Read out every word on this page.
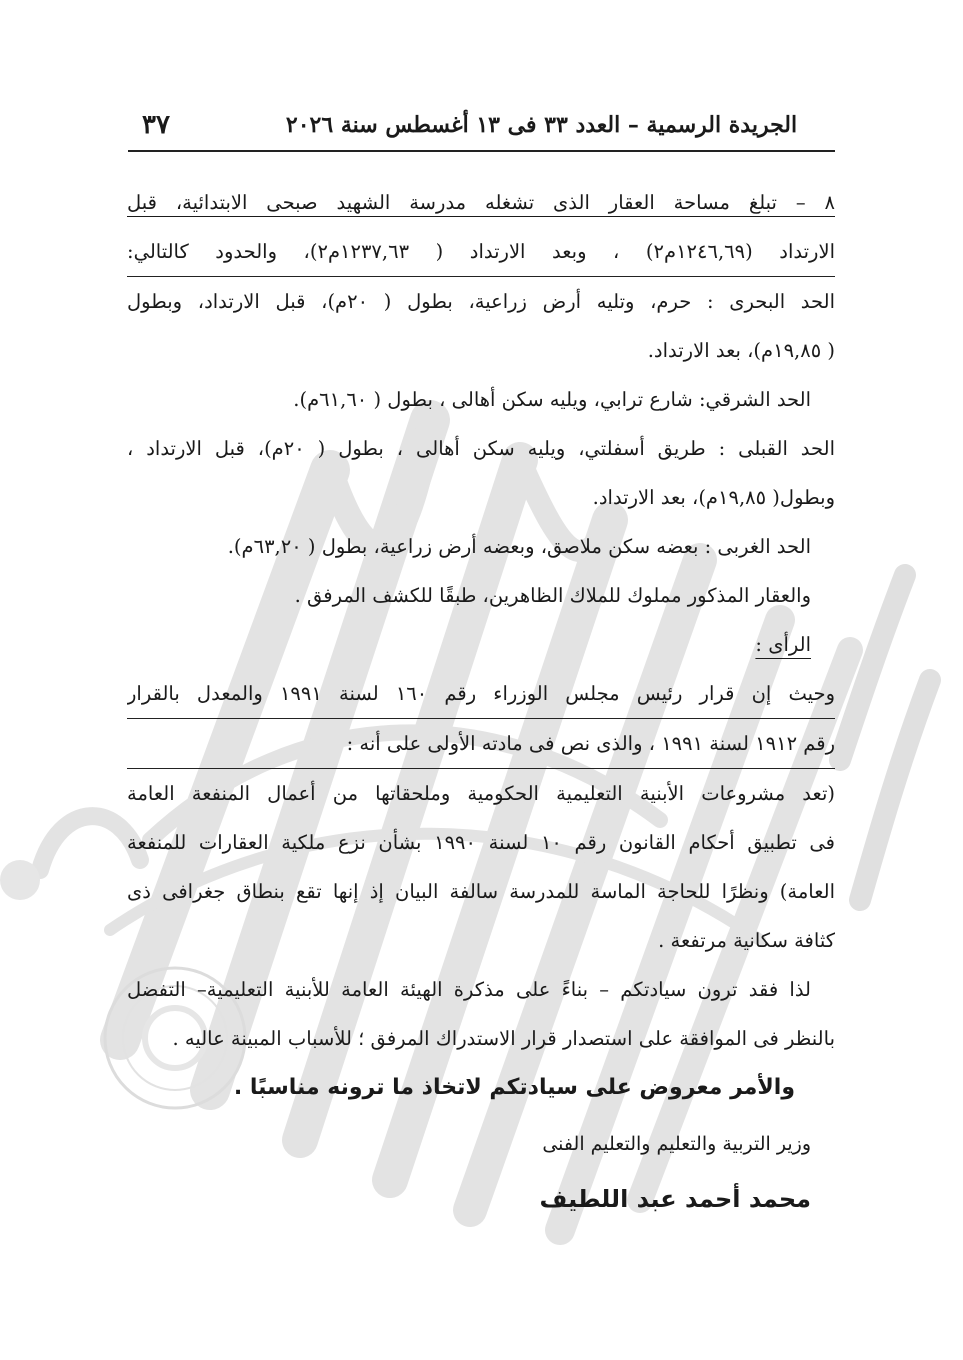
الجريدة الرسمية – العدد ٣٣ فى ١٣ أغسطس سنة ٢٠٢٦
٣٧
٨ – تبلغ مساحة العقار الذى تشغله مدرسة الشهيد صبحى الابتدائية، قبل
الارتداد (١٢٤٦,٦٩م٢) ، وبعد الارتداد ( ١٢٣٧,٦٣م٢)، والحدود كالتالي:
الحد البحرى : حرم، وتليه أرض زراعية، بطول ( ٢٠م)، قبل الارتداد، وبطول
( ١٩,٨٥م)، بعد الارتداد.
الحد الشرقي: شارع ترابي، ويليه سكن أهالى ، بطول ( ٦١,٦٠م).
الحد القبلى : طريق أسفلتي، ويليه سكن أهالى ، بطول ( ٢٠م)، قبل الارتداد ،
وبطول( ١٩,٨٥م)، بعد الارتداد.
الحد الغربى : بعضه سكن ملاصق، وبعضه أرض زراعية، بطول ( ٦٣,٢٠م).
والعقار المذكور مملوك للملاك الظاهرين، طبقًا للكشف المرفق .
الرأى :
وحيث إن قرار رئيس مجلس الوزراء رقم ١٦٠ لسنة ١٩٩١ والمعدل بالقرار
رقم ١٩١٢ لسنة ١٩٩١ ، والذى نص فى مادته الأولى على أنه :
(تعد مشروعات الأبنية التعليمية الحكومية وملحقاتها من أعمال المنفعة العامة
فى تطبيق أحكام القانون رقم ١٠ لسنة ١٩٩٠ بشأن نزع ملكية العقارات للمنفعة
العامة) ونظرًا للحاجة الماسة للمدرسة سالفة البيان إذ إنها تقع بنطاق جغرافى ذى
كثافة سكانية مرتفعة .
لذا فقد ترون سيادتكم – بناءً على مذكرة الهيئة العامة للأبنية التعليمية– التفضل
بالنظر فى الموافقة على استصدار قرار الاستدراك المرفق ؛ للأسباب المبينة عاليه .
والأمر معروض على سيادتكم لاتخاذ ما ترونه مناسبًا .
وزير التربية والتعليم والتعليم الفنى
محمد أحمد عبد اللطيف
